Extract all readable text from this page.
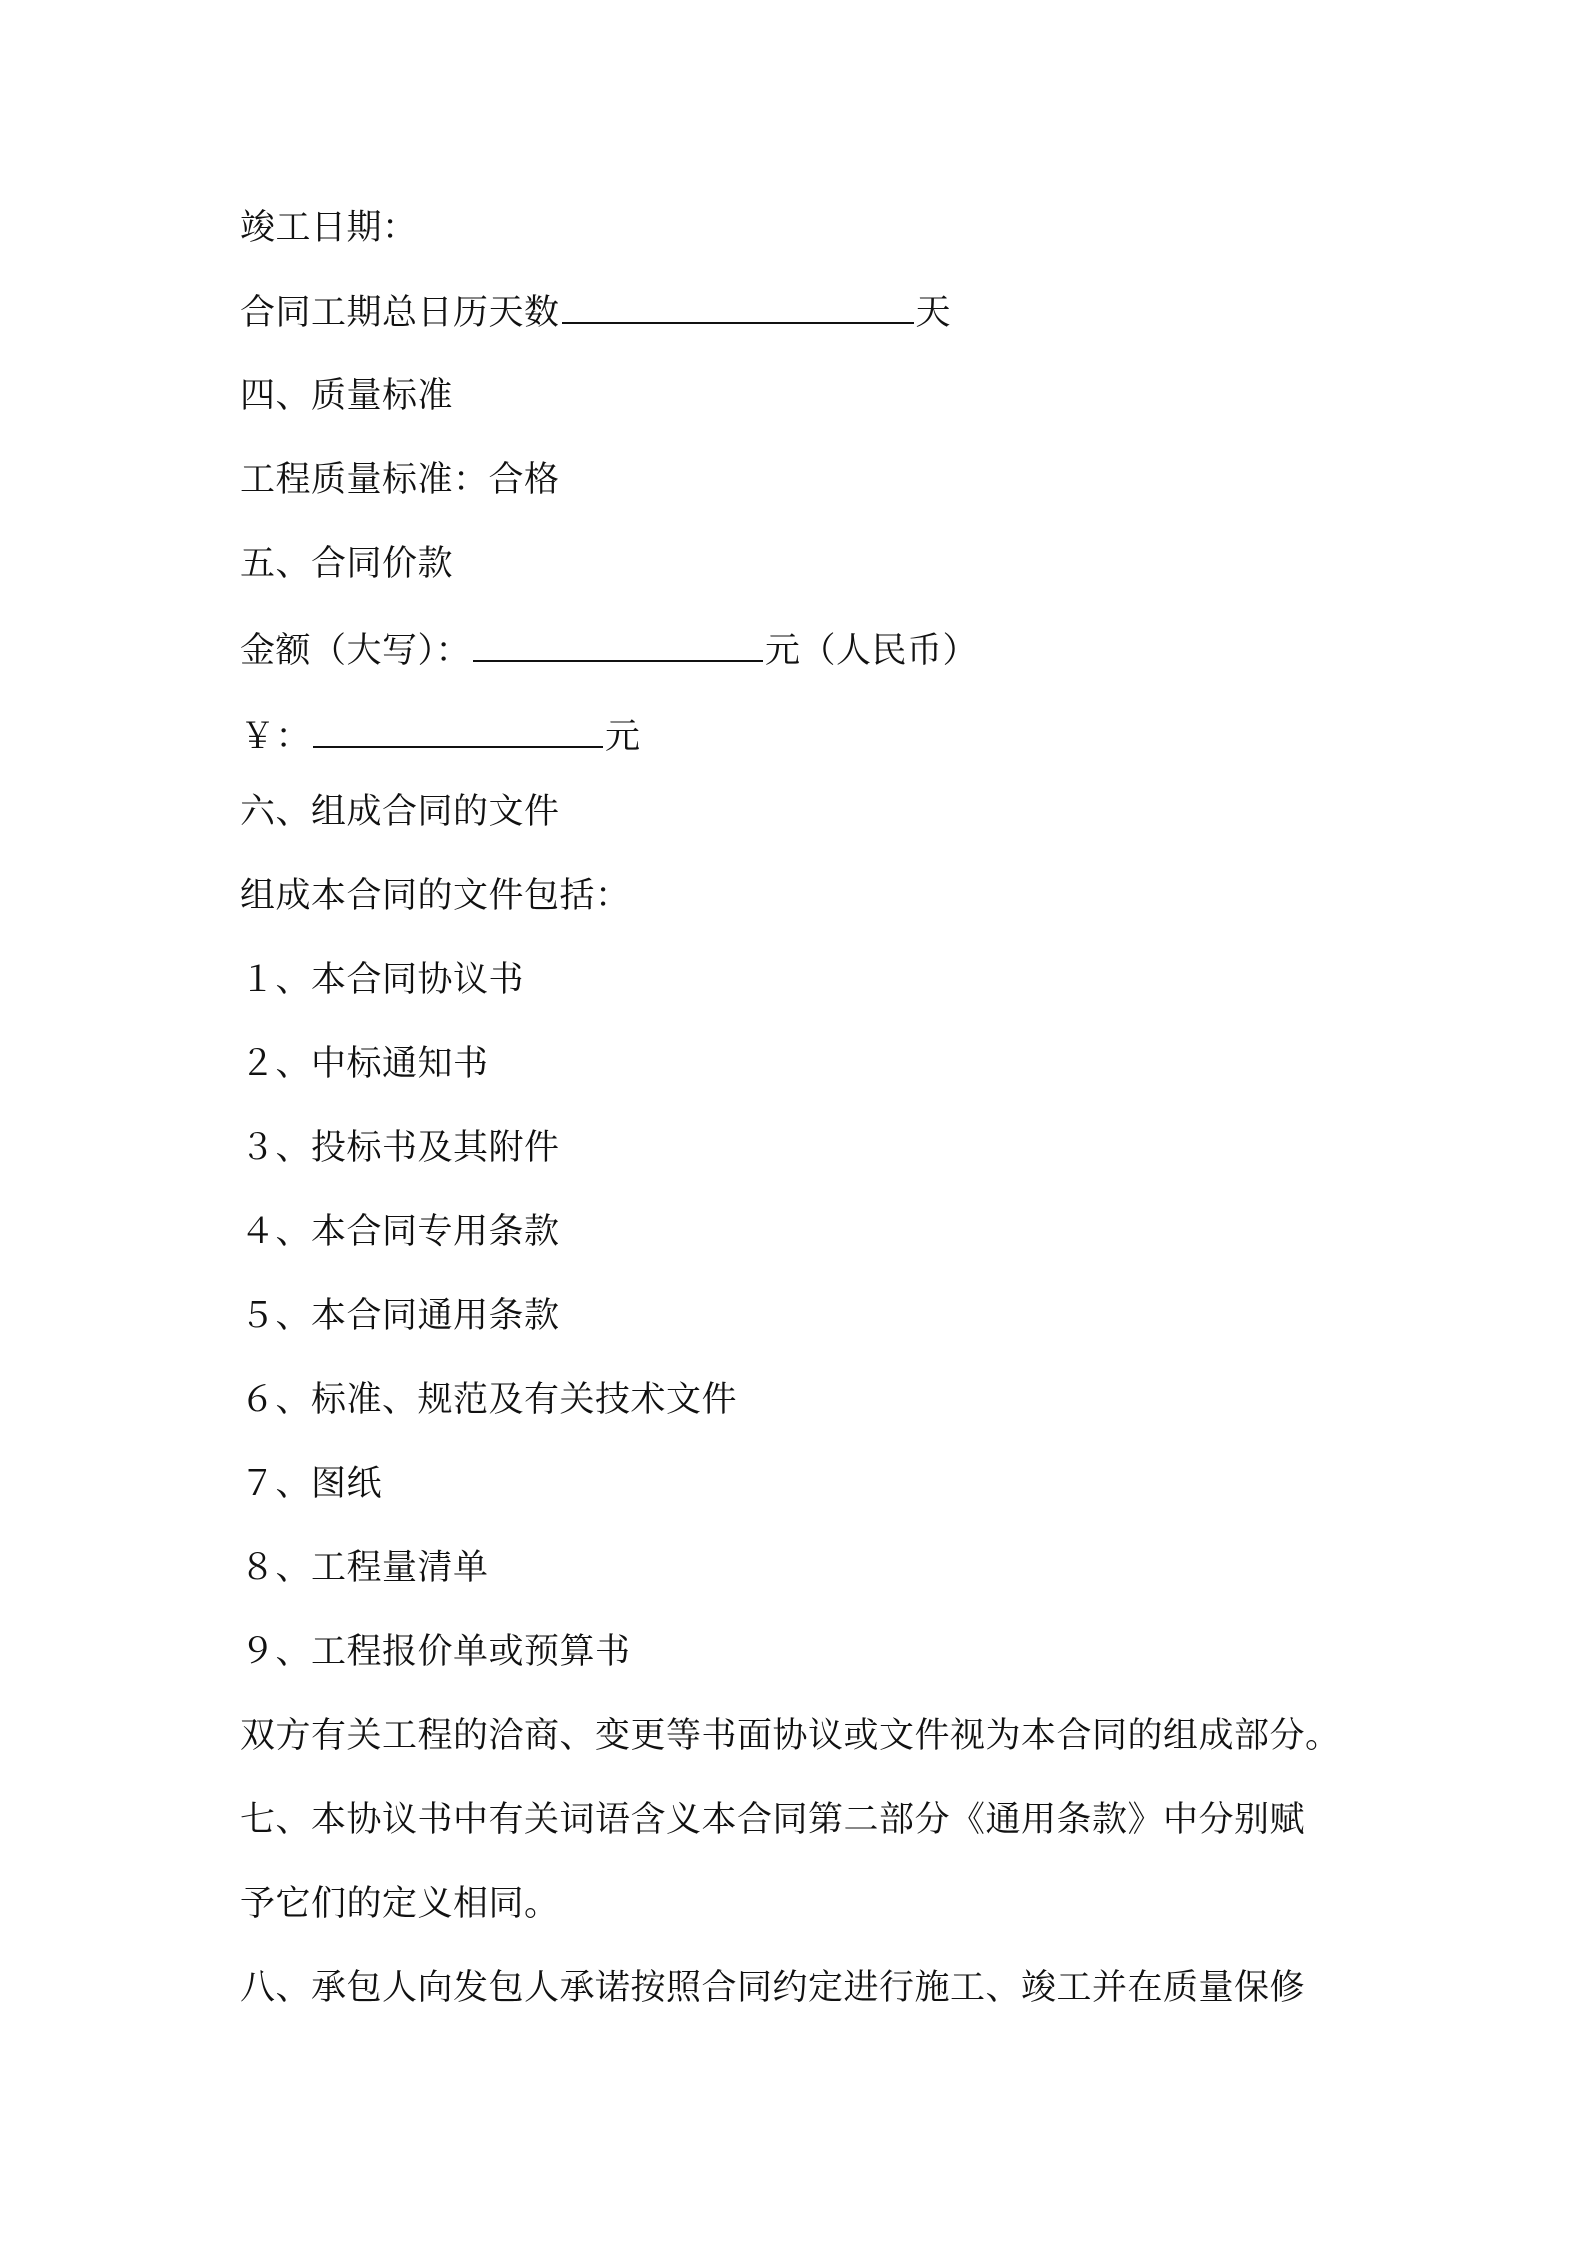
竣工日期：
合同工期总日历天数	天
四、质量标准
工程质量标准：合格
五、合同价款
金额（大写）：	元（人民币）
￥：	元
六、组成合同的文件
组成本合同的文件包括：
１、本合同协议书
２、中标通知书
３、投标书及其附件
４、本合同专用条款
５、本合同通用条款
６、标准、规范及有关技术文件
７、图纸
８、工程量清单
９、工程报价单或预算书
双方有关工程的洽商、变更等书面协议或文件视为本合同的组成部分。
七、本协议书中有关词语含义本合同第二部分《通用条款》中分别赋
予它们的定义相同。
八、承包人向发包人承诺按照合同约定进行施工、竣工并在质量保修
